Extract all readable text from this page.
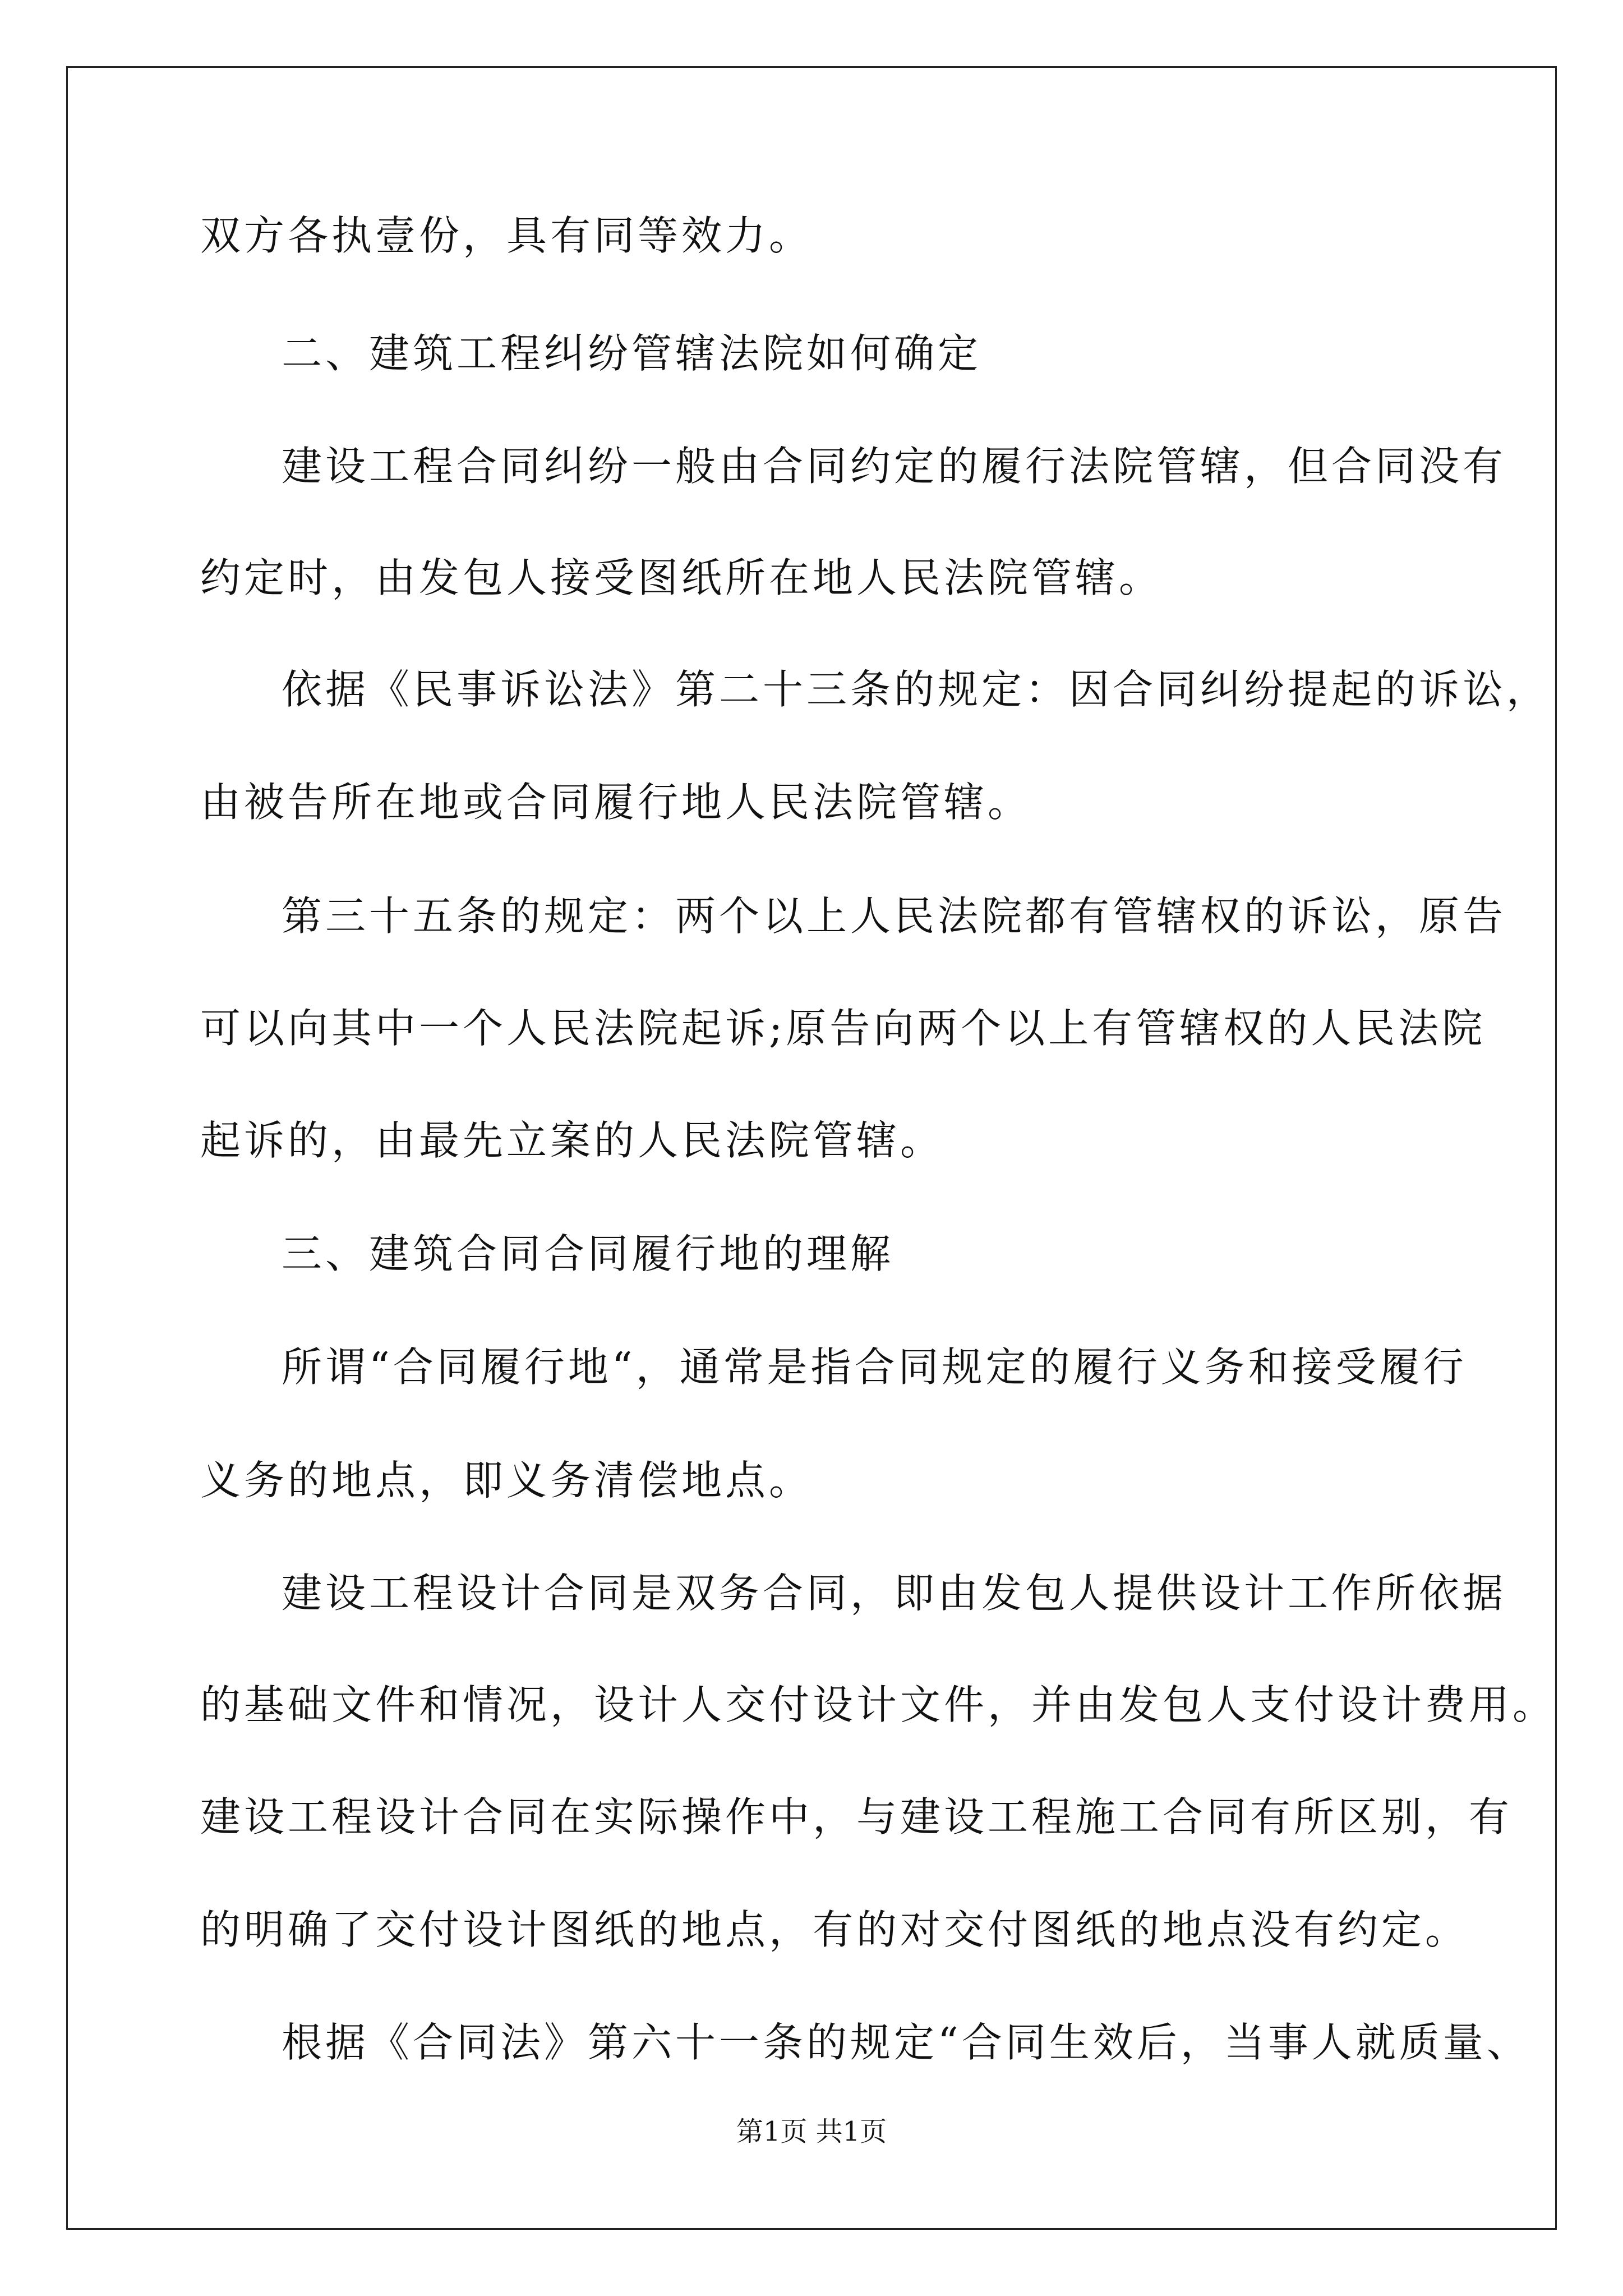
双方各执壹份，具有同等效力。
二、建筑工程纠纷管辖法院如何确定
建设工程合同纠纷一般由合同约定的履行法院管辖，但合同没有
约定时，由发包人接受图纸所在地人民法院管辖。
依据《民事诉讼法》第二十三条的规定：因合同纠纷提起的诉讼，
由被告所在地或合同履行地人民法院管辖。
第三十五条的规定：两个以上人民法院都有管辖权的诉讼，原告
可以向其中一个人民法院起诉;原告向两个以上有管辖权的人民法院
起诉的，由最先立案的人民法院管辖。
三、建筑合同合同履行地的理解
所谓“合同履行地“，通常是指合同规定的履行义务和接受履行
义务的地点，即义务清偿地点。
建设工程设计合同是双务合同，即由发包人提供设计工作所依据
的基础文件和情况，设计人交付设计文件，并由发包人支付设计费用。
建设工程设计合同在实际操作中，与建设工程施工合同有所区别，有
的明确了交付设计图纸的地点，有的对交付图纸的地点没有约定。
根据《合同法》第六十一条的规定“合同生效后，当事人就质量、
第1页 共1页
